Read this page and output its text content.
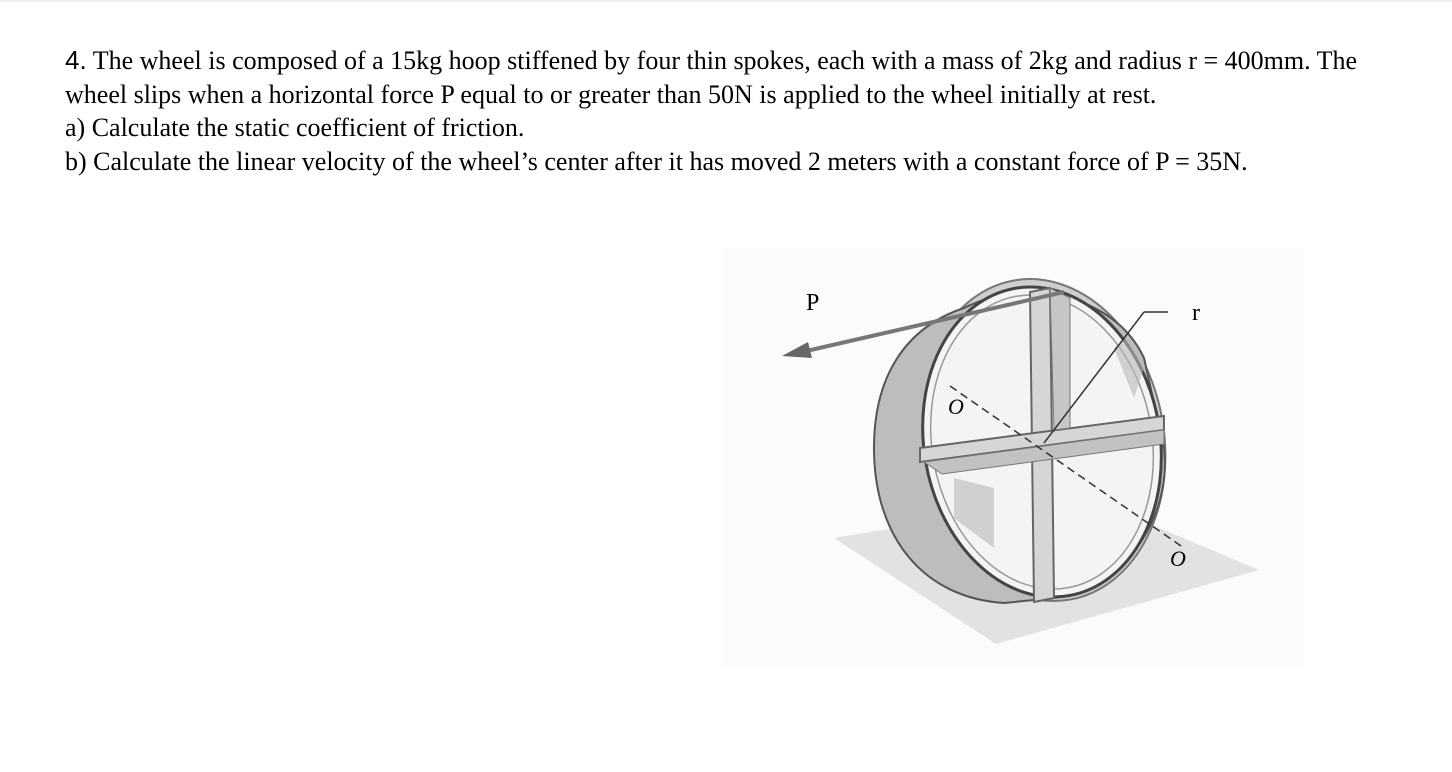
4. The wheel is composed of a 15kg hoop stiffened by four thin spokes, each with a mass of 2kg and radius r = 400mm. The wheel slips when a horizontal force P equal to or greater than 50N is applied to the wheel initially at rest.

a) Calculate the static coefficient of friction.

b) Calculate the linear velocity of the wheel’s center after it has moved 2 meters with a constant force of P = 35N.

P	r
O
O
